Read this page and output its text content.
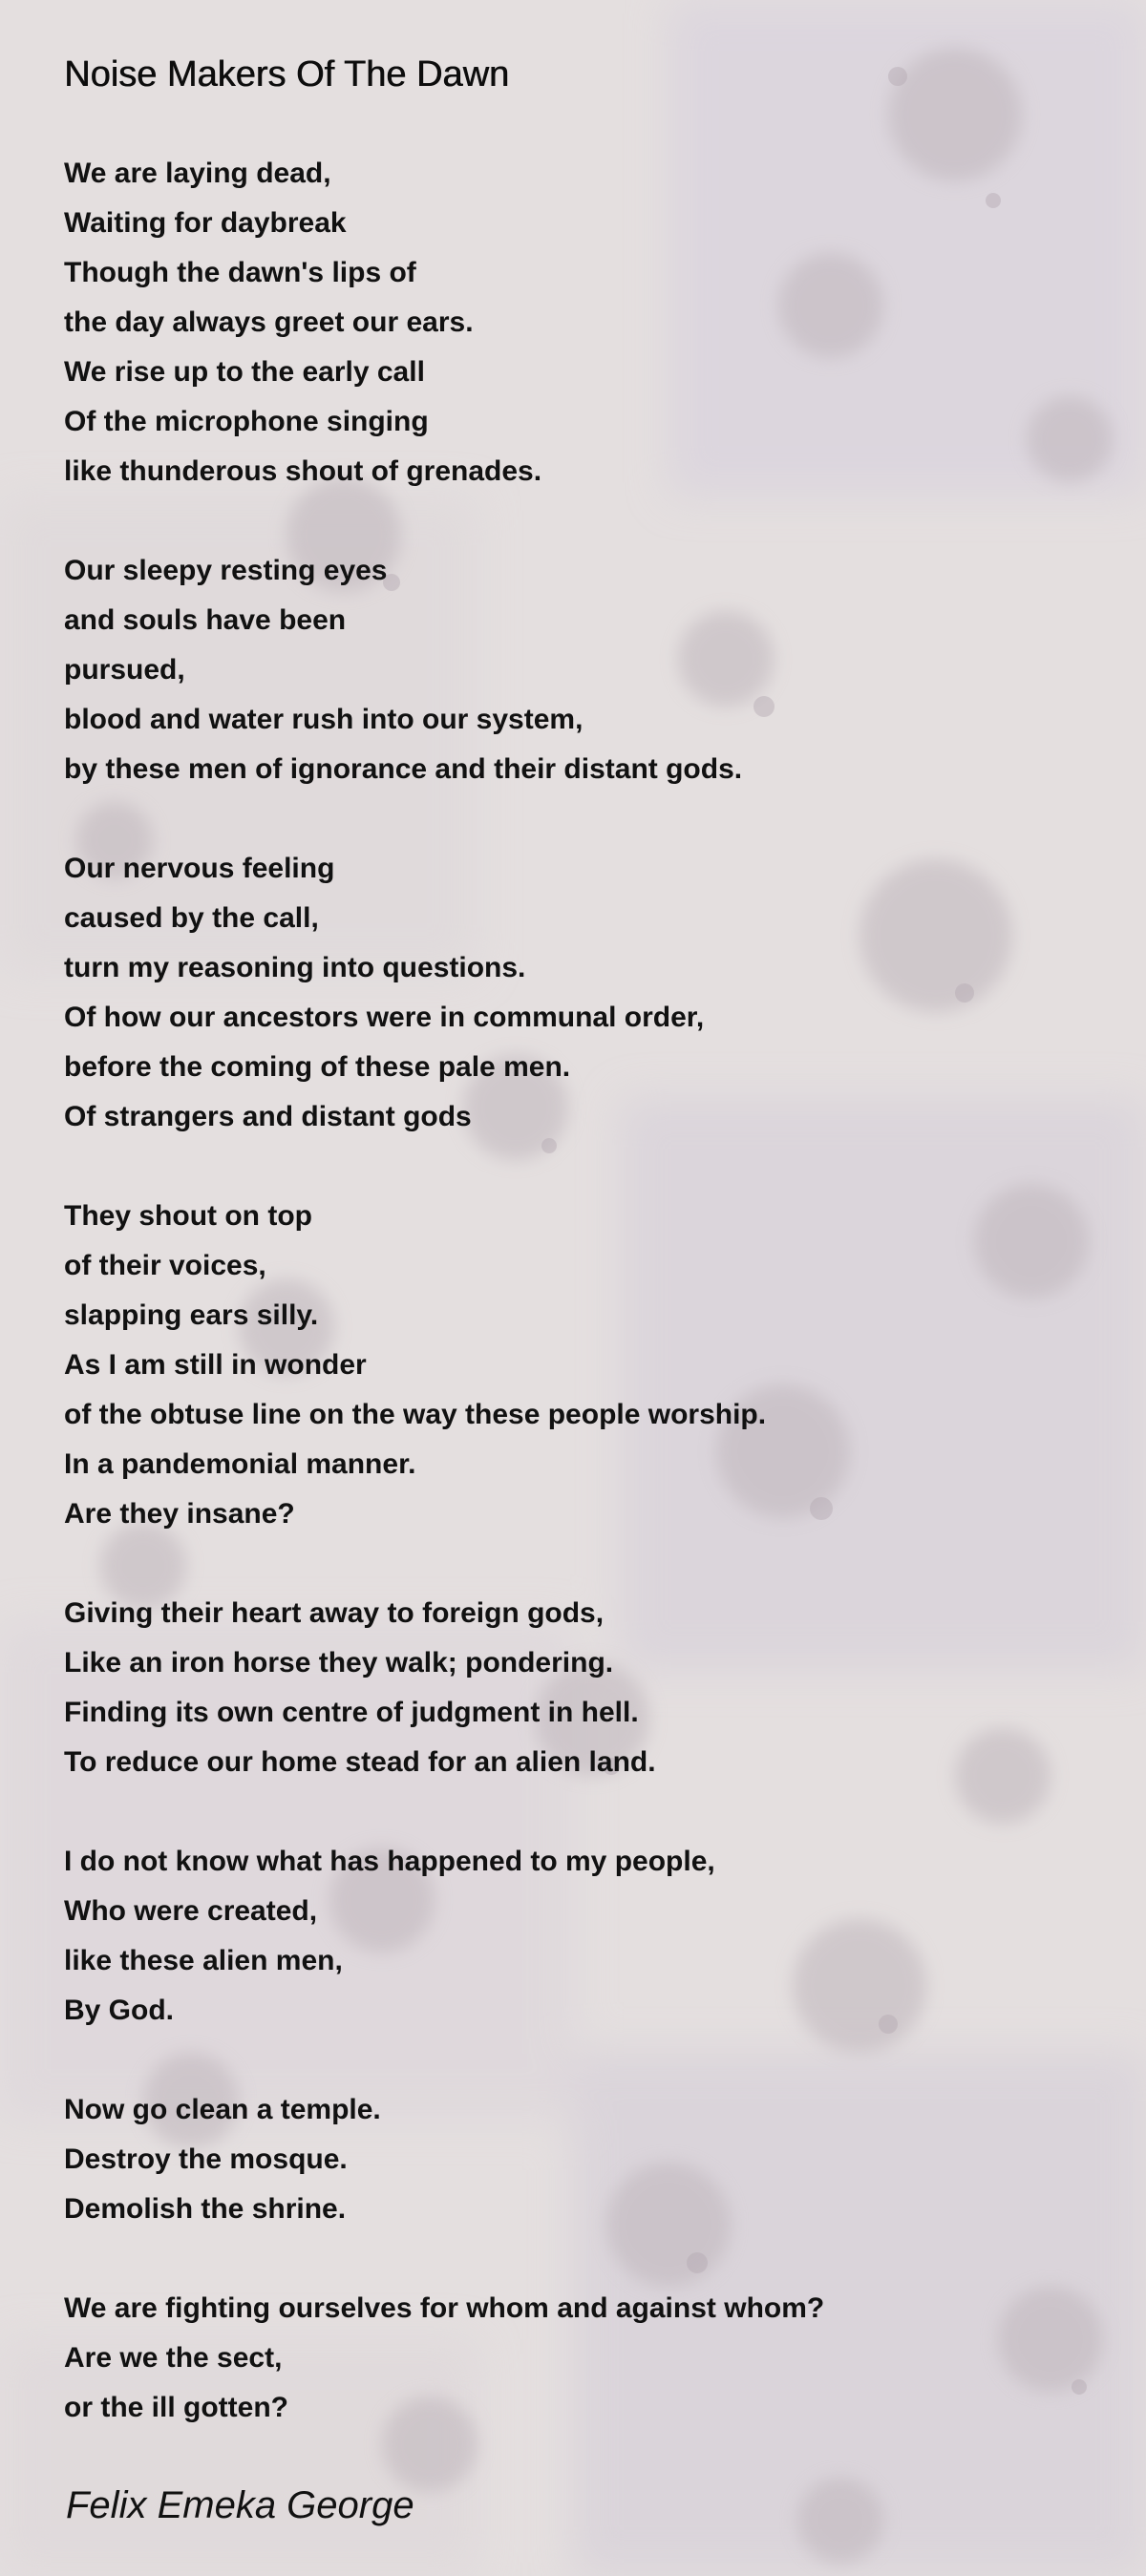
Noise Makers Of The Dawn
We are laying dead,
Waiting for daybreak
Though the dawn's lips of
the day always greet our ears.
We rise up to the early call
Of the microphone singing
like thunderous shout of grenades.
Our sleepy resting eyes
and souls have been
pursued,
blood and water rush into our system,
by these men of ignorance and their distant gods.
Our nervous feeling
caused by the call,
turn my reasoning into questions.
Of how our ancestors were in communal order,
before the coming of these pale men.
Of strangers and distant gods
They shout on top
of their voices,
slapping ears silly.
As I am still in wonder
of the obtuse line on the way these people worship.
In a pandemonial manner.
Are they insane?
Giving their heart away to foreign gods,
Like an iron horse they walk; pondering.
Finding its own centre of judgment in hell.
To reduce our home stead for an alien land.
I do not know what has happened to my people,
Who were created,
like these alien men,
By God.
Now go clean a temple.
Destroy the mosque.
Demolish the shrine.
We are fighting ourselves for whom and against whom?
Are we the sect,
or the ill gotten?
Felix Emeka George
